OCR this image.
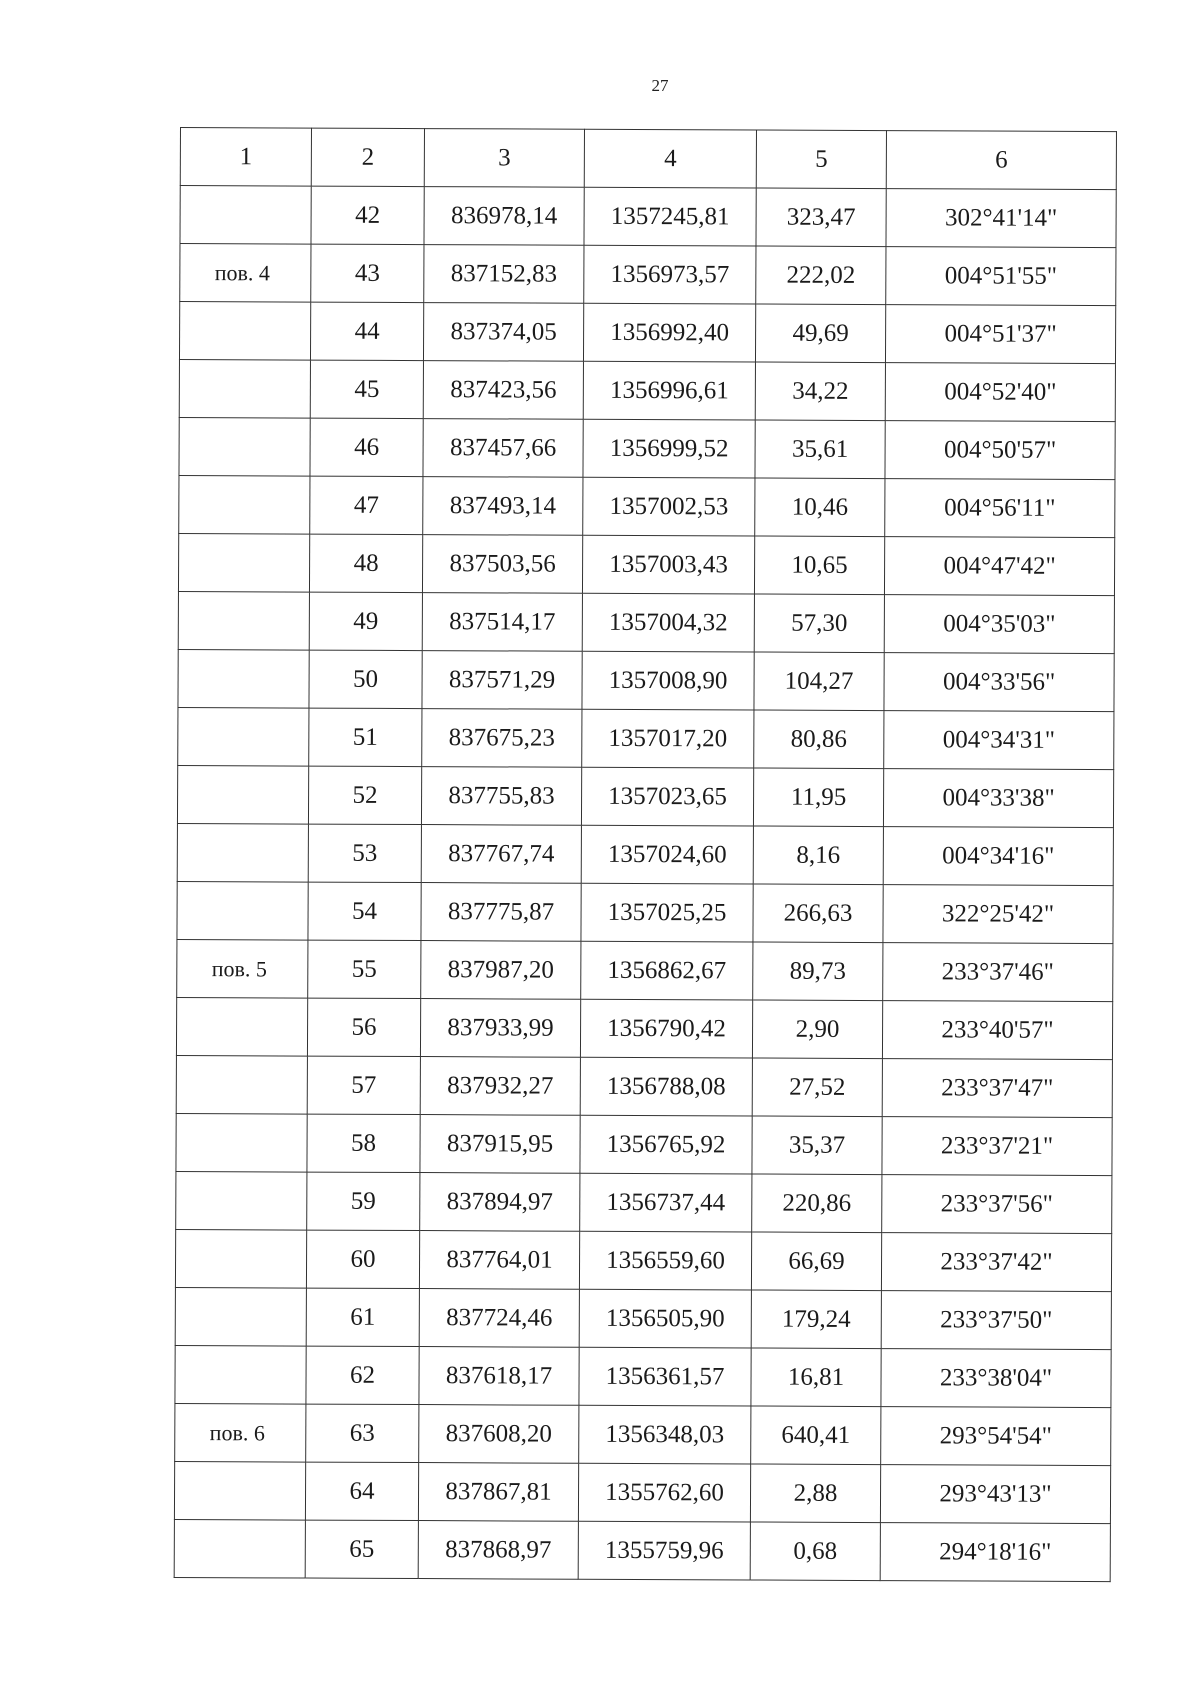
27
1	2	3	4	5	6
	42	836978,14	1357245,81	323,47	302°41'14"
пов. 4	43	837152,83	1356973,57	222,02	004°51'55"
	44	837374,05	1356992,40	49,69	004°51'37"
	45	837423,56	1356996,61	34,22	004°52'40"
	46	837457,66	1356999,52	35,61	004°50'57"
	47	837493,14	1357002,53	10,46	004°56'11"
	48	837503,56	1357003,43	10,65	004°47'42"
	49	837514,17	1357004,32	57,30	004°35'03"
	50	837571,29	1357008,90	104,27	004°33'56"
	51	837675,23	1357017,20	80,86	004°34'31"
	52	837755,83	1357023,65	11,95	004°33'38"
	53	837767,74	1357024,60	8,16	004°34'16"
	54	837775,87	1357025,25	266,63	322°25'42"
пов. 5	55	837987,20	1356862,67	89,73	233°37'46"
	56	837933,99	1356790,42	2,90	233°40'57"
	57	837932,27	1356788,08	27,52	233°37'47"
	58	837915,95	1356765,92	35,37	233°37'21"
	59	837894,97	1356737,44	220,86	233°37'56"
	60	837764,01	1356559,60	66,69	233°37'42"
	61	837724,46	1356505,90	179,24	233°37'50"
	62	837618,17	1356361,57	16,81	233°38'04"
пов. 6	63	837608,20	1356348,03	640,41	293°54'54"
	64	837867,81	1355762,60	2,88	293°43'13"
	65	837868,97	1355759,96	0,68	294°18'16"
